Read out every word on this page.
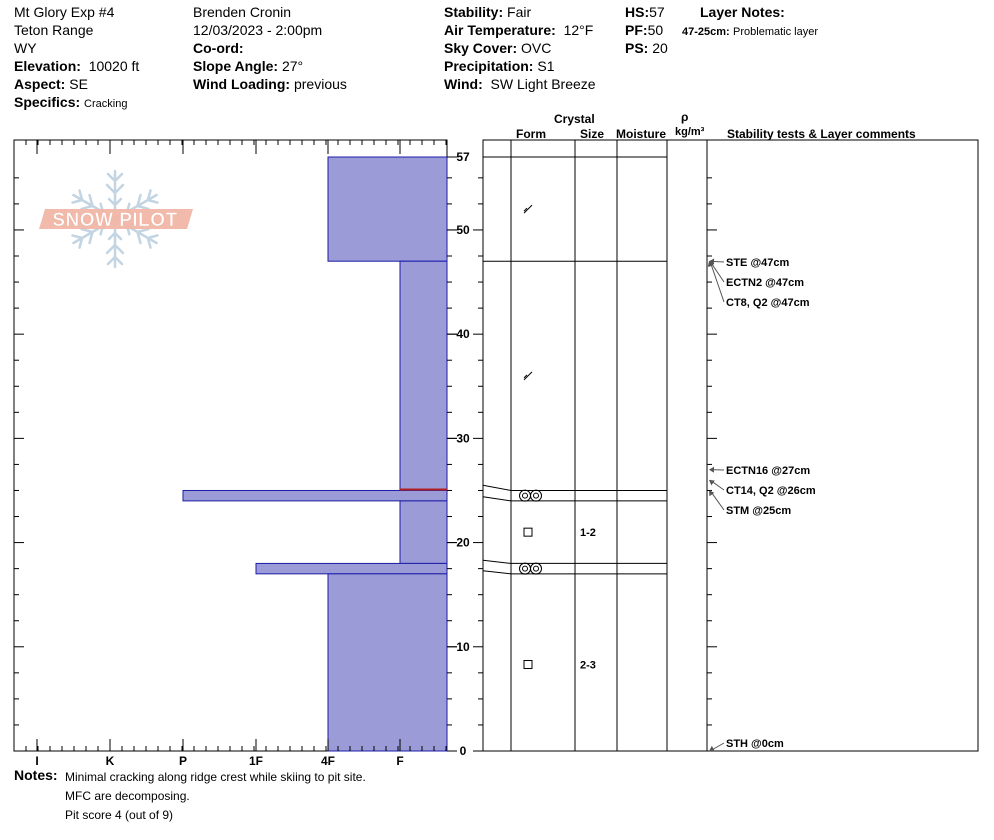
Mt Glory Exp #4
Teton Range
WY
Elevation: 10020 ft
Aspect: SE
Specifics: Cracking
Brenden Cronin
12/03/2023 - 2:00pm
Co-ord:
Slope Angle: 27°
Wind Loading: previous
Stability: Fair
Air Temperature: 12°F
Sky Cover: OVC
Precipitation: S1
Wind: SW Light Breeze
HS:57
PF:50
PS: 20
Layer Notes:
47-25cm: Problematic layer
Crystal
Form	Size Moisture
ρ
kg/m³ Stability tests & Layer comments
SNOW PILOT
I	K	P	1F	4F	F
0
10
20
30
40
50
57
1-2
2-3
STE @47cm
ECTN2 @47cm
CT8, Q2 @47cm
ECTN16 @27cm
CT14, Q2 @26cm
STM @25cm
STH @0cm
Notes: Minimal cracking along ridge crest while skiing to pit site.
MFC are decomposing.
Pit score 4 (out of 9)
